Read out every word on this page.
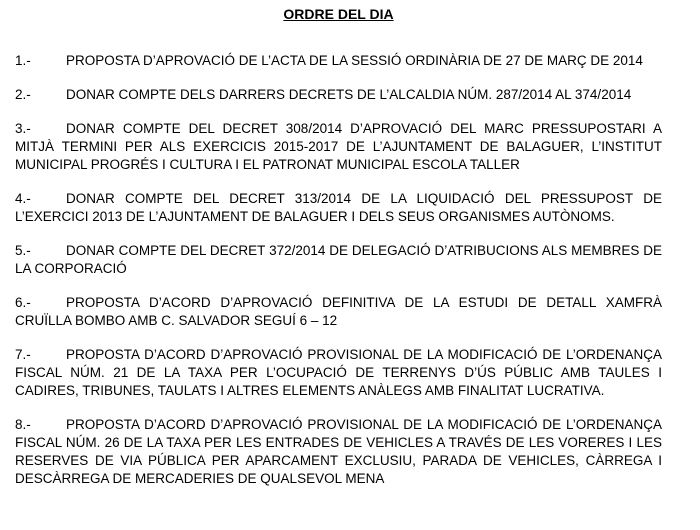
ORDRE DEL DIA
1.-	PROPOSTA D’APROVACIÓ DE L’ACTA DE LA SESSIÓ ORDINÀRIA DE 27 DE MARÇ DE 2014
2.-	DONAR COMPTE DELS DARRERS DECRETS DE L’ALCALDIA NÚM. 287/2014 AL 374/2014
3.-	DONAR COMPTE DEL DECRET 308/2014 D’APROVACIÓ DEL MARC PRESSUPOSTARI A MITJÀ TERMINI PER ALS EXERCICIS 2015-2017 DE L’AJUNTAMENT DE BALAGUER, L’INSTITUT MUNICIPAL PROGRÉS I CULTURA I EL PATRONAT MUNICIPAL ESCOLA TALLER
4.-	DONAR COMPTE DEL DECRET 313/2014 DE LA LIQUIDACIÓ DEL PRESSUPOST DE L’EXERCICI 2013 DE L’AJUNTAMENT DE BALAGUER I DELS SEUS ORGANISMES AUTÒNOMS.
5.-	DONAR COMPTE DEL DECRET 372/2014 DE DELEGACIÓ D’ATRIBUCIONS ALS MEMBRES DE LA CORPORACIÓ
6.-	PROPOSTA D’ACORD D’APROVACIÓ DEFINITIVA DE LA ESTUDI DE DETALL XAMFRÀ CRUÏLLA BOMBO AMB C. SALVADOR SEGUÍ 6 – 12
7.-	PROPOSTA D’ACORD D’APROVACIÓ PROVISIONAL DE LA MODIFICACIÓ DE L’ORDENANÇA FISCAL NÚM. 21 DE LA TAXA PER L’OCUPACIÓ DE TERRENYS D’ÚS PÚBLIC AMB TAULES I CADIRES, TRIBUNES, TAULATS I ALTRES ELEMENTS ANÀLEGS AMB FINALITAT LUCRATIVA.
8.-	PROPOSTA D’ACORD D’APROVACIÓ PROVISIONAL DE LA MODIFICACIÓ DE L’ORDENANÇA FISCAL NÚM. 26 DE LA TAXA PER LES ENTRADES DE VEHICLES A TRAVÉS DE LES VORERES I LES RESERVES DE VIA PÚBLICA PER APARCAMENT EXCLUSIU, PARADA DE VEHICLES, CÀRREGA I DESCÀRREGA DE MERCADERIES DE QUALSEVOL MENA
